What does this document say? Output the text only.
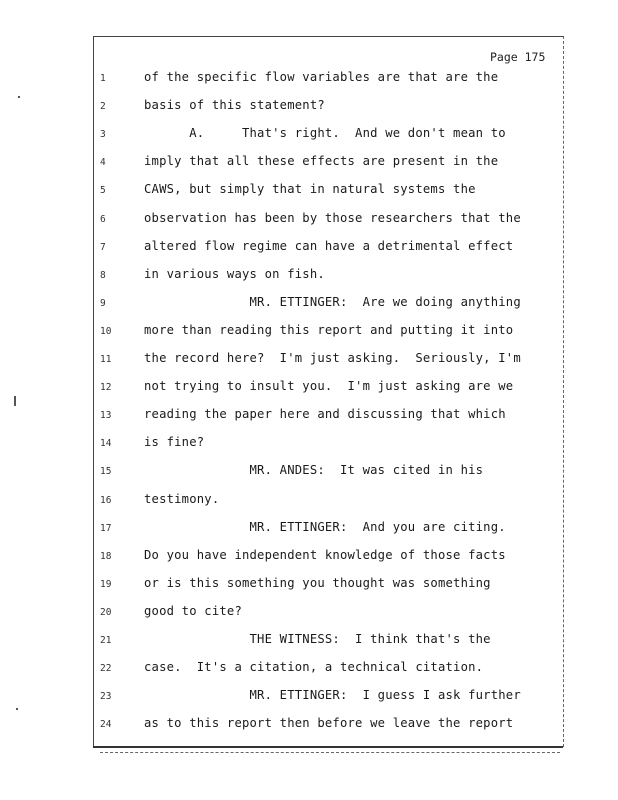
Page 175
1	of the specific flow variables are that are the
2	basis of this statement?
3	A.     That's right.  And we don't mean to
4	imply that all these effects are present in the
5	CAWS, but simply that in natural systems the
6	observation has been by those researchers that the
7	altered flow regime can have a detrimental effect
8	in various ways on fish.
9	MR. ETTINGER:  Are we doing anything
10	more than reading this report and putting it into
11	the record here?  I'm just asking.  Seriously, I'm
12	not trying to insult you.  I'm just asking are we
13	reading the paper here and discussing that which
14	is fine?
15	MR. ANDES:  It was cited in his
16	testimony.
17	MR. ETTINGER:  And you are citing.
18	Do you have independent knowledge of those facts
19	or is this something you thought was something
20	good to cite?
21	THE WITNESS:  I think that's the
22	case.  It's a citation, a technical citation.
23	MR. ETTINGER:  I guess I ask further
24	as to this report then before we leave the report
